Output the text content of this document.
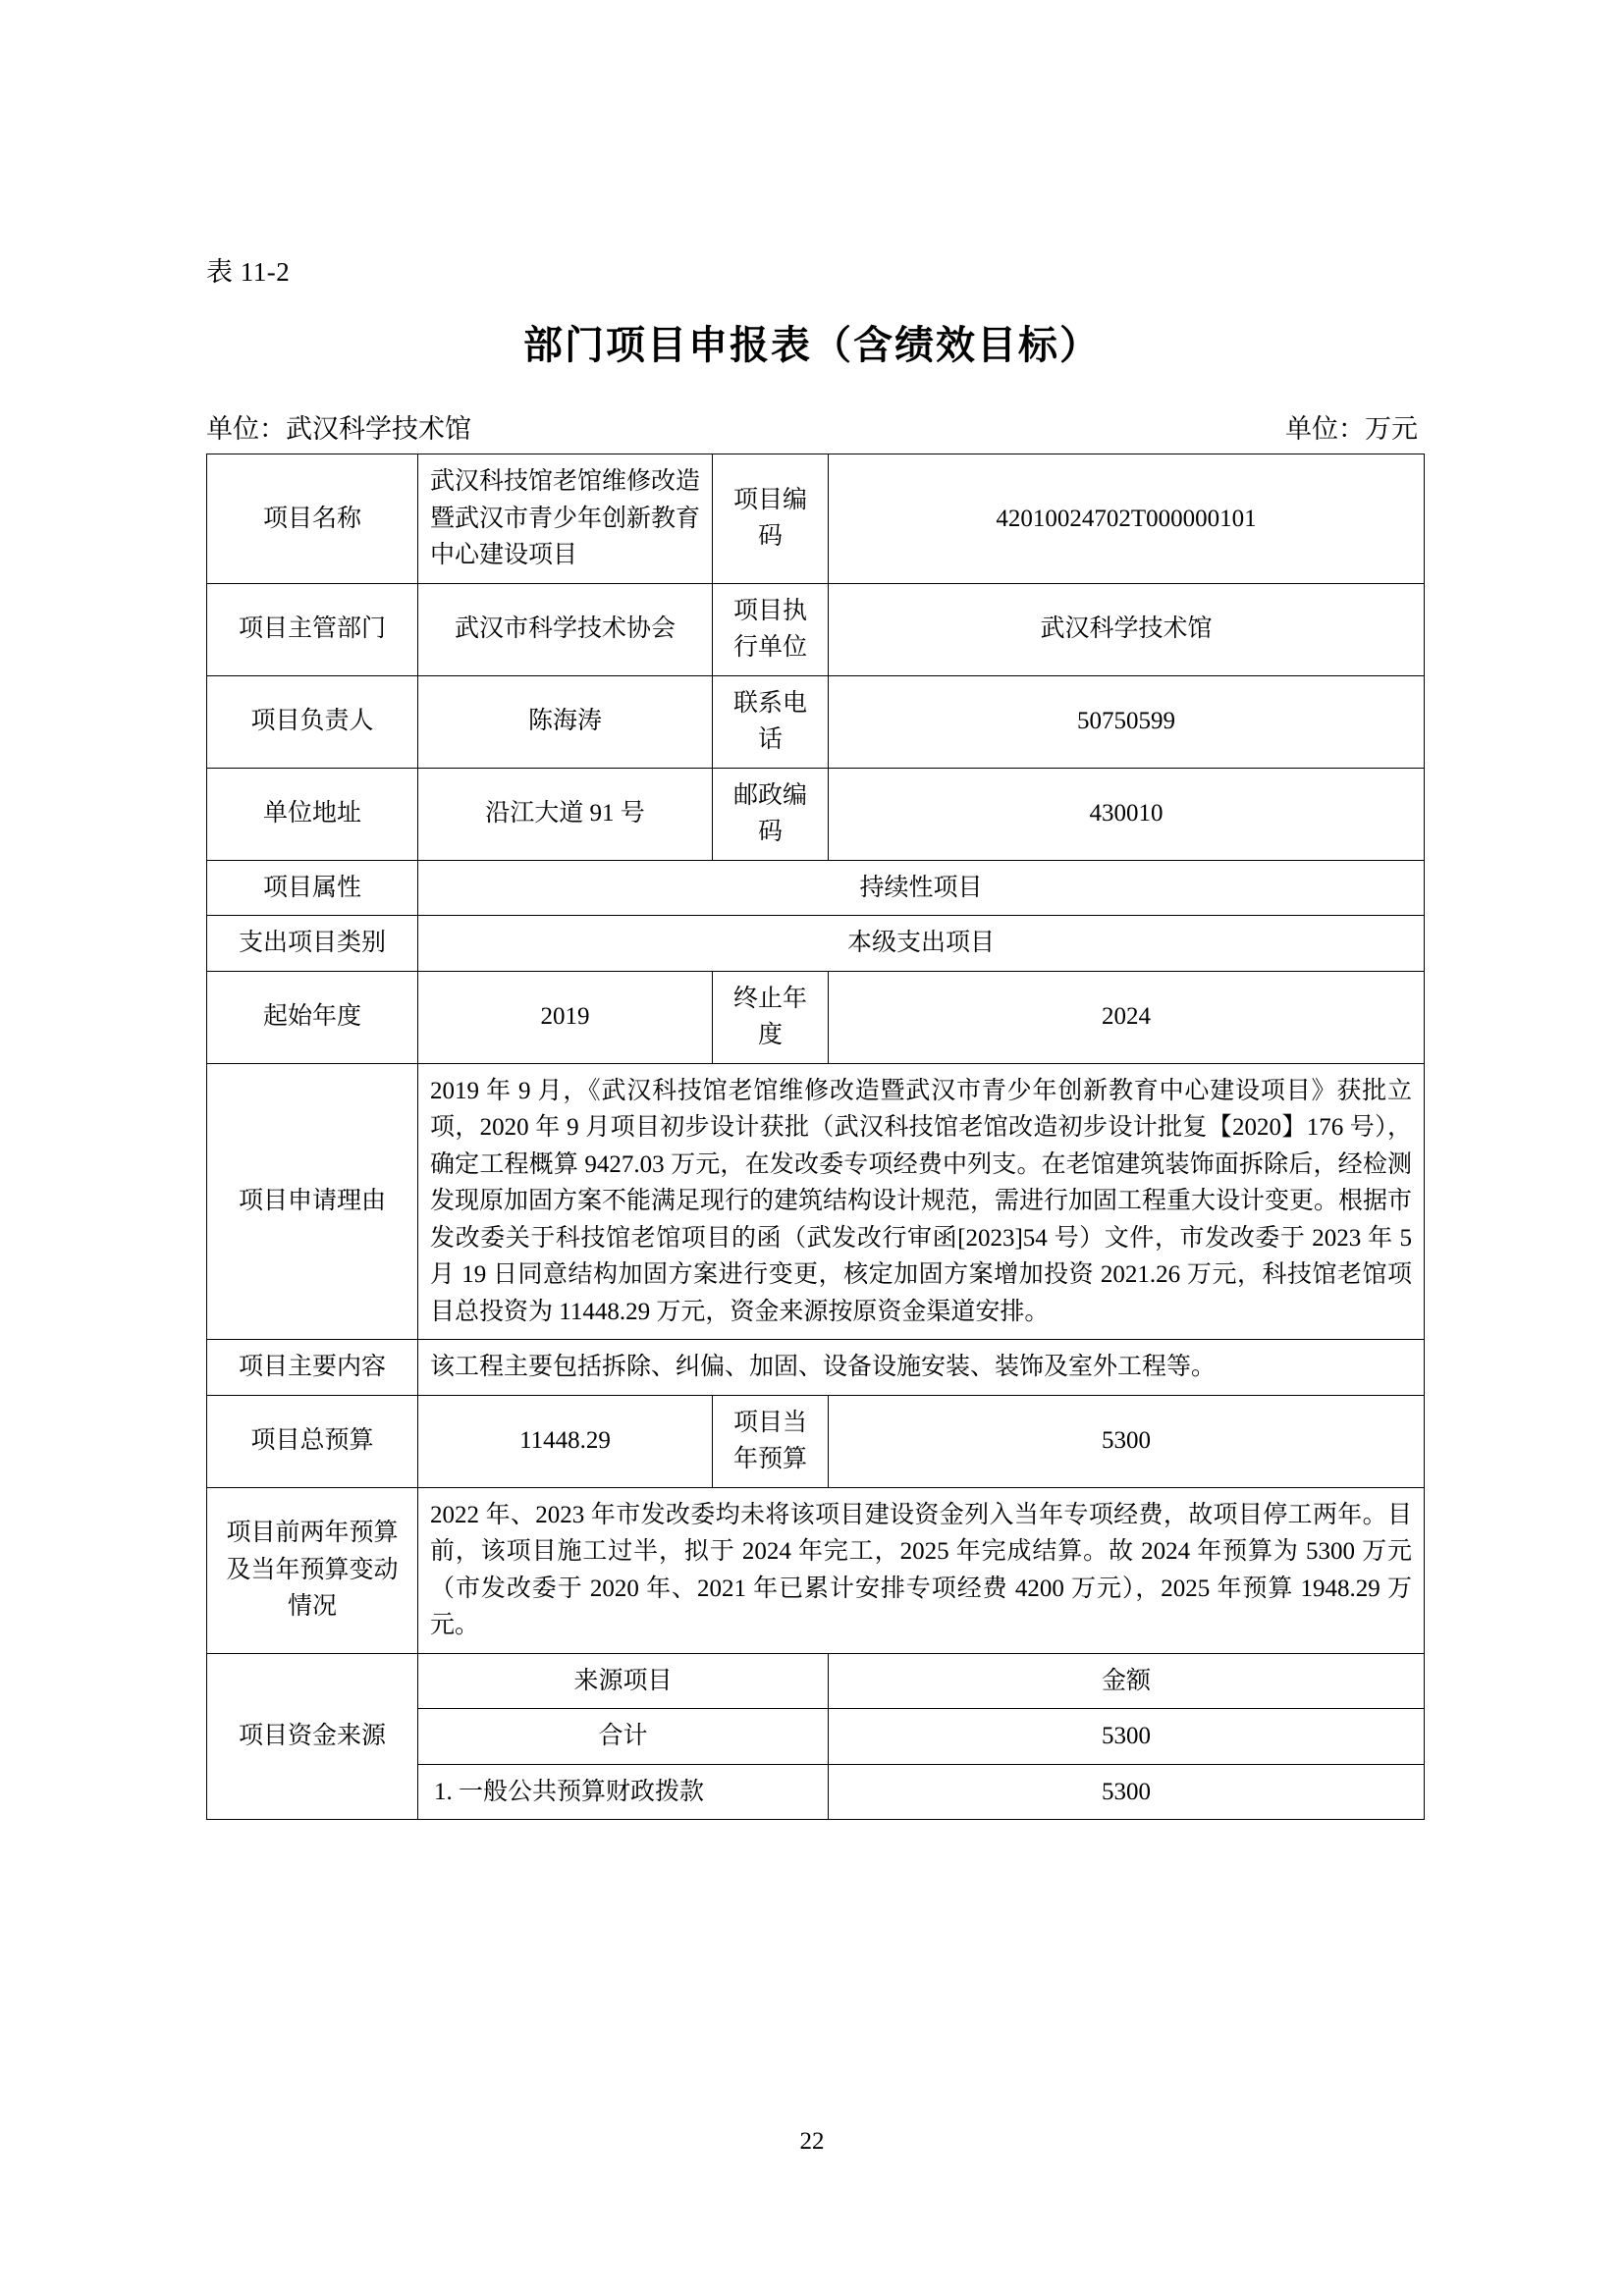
表 11-2
部门项目申报表（含绩效目标）
单位：武汉科学技术馆	单位：万元
项目名称	武汉科技馆老馆维修改造暨武汉市青少年创新教育中心建设项目	项目编码	42010024702T000000101
项目主管部门	武汉市科学技术协会	项目执行单位	武汉科学技术馆
项目负责人	陈海涛	联系电话	50750599
单位地址	沿江大道 91 号	邮政编码	430010
项目属性	持续性项目		
支出项目类别	本级支出项目		
起始年度	2019	终止年度	2024
项目申请理由	2019 年 9 月，《武汉科技馆老馆维修改造暨武汉市青少年创新教育中心建设项目》获批立项，2020 年 9 月项目初步设计获批（武汉科技馆老馆改造初步设计批复【2020】176 号），确定工程概算 9427.03 万元，在发改委专项经费中列支。在老馆建筑装饰面拆除后，经检测发现原加固方案不能满足现行的建筑结构设计规范，需进行加固工程重大设计变更。根据市发改委关于科技馆老馆项目的函（武发改行审函[2023]54 号）文件，市发改委于 2023 年 5 月 19 日同意结构加固方案进行变更，核定加固方案增加投资 2021.26 万元，科技馆老馆项目总投资为 11448.29 万元，资金来源按原资金渠道安排。		
项目主要内容	该工程主要包括拆除、纠偏、加固、设备设施安装、装饰及室外工程等。		
项目总预算	11448.29	项目当年预算	5300
项目前两年预算及当年预算变动情况	2022 年、2023 年市发改委均未将该项目建设资金列入当年专项经费，故项目停工两年。目前，该项目施工过半，拟于 2024 年完工，2025 年完成结算。故 2024 年预算为 5300 万元（市发改委于 2020 年、2021 年已累计安排专项经费 4200 万元），2025 年预算 1948.29 万元。		
项目资金来源	来源项目		金额
	合计		5300
	1. 一般公共预算财政拨款		5300
22
